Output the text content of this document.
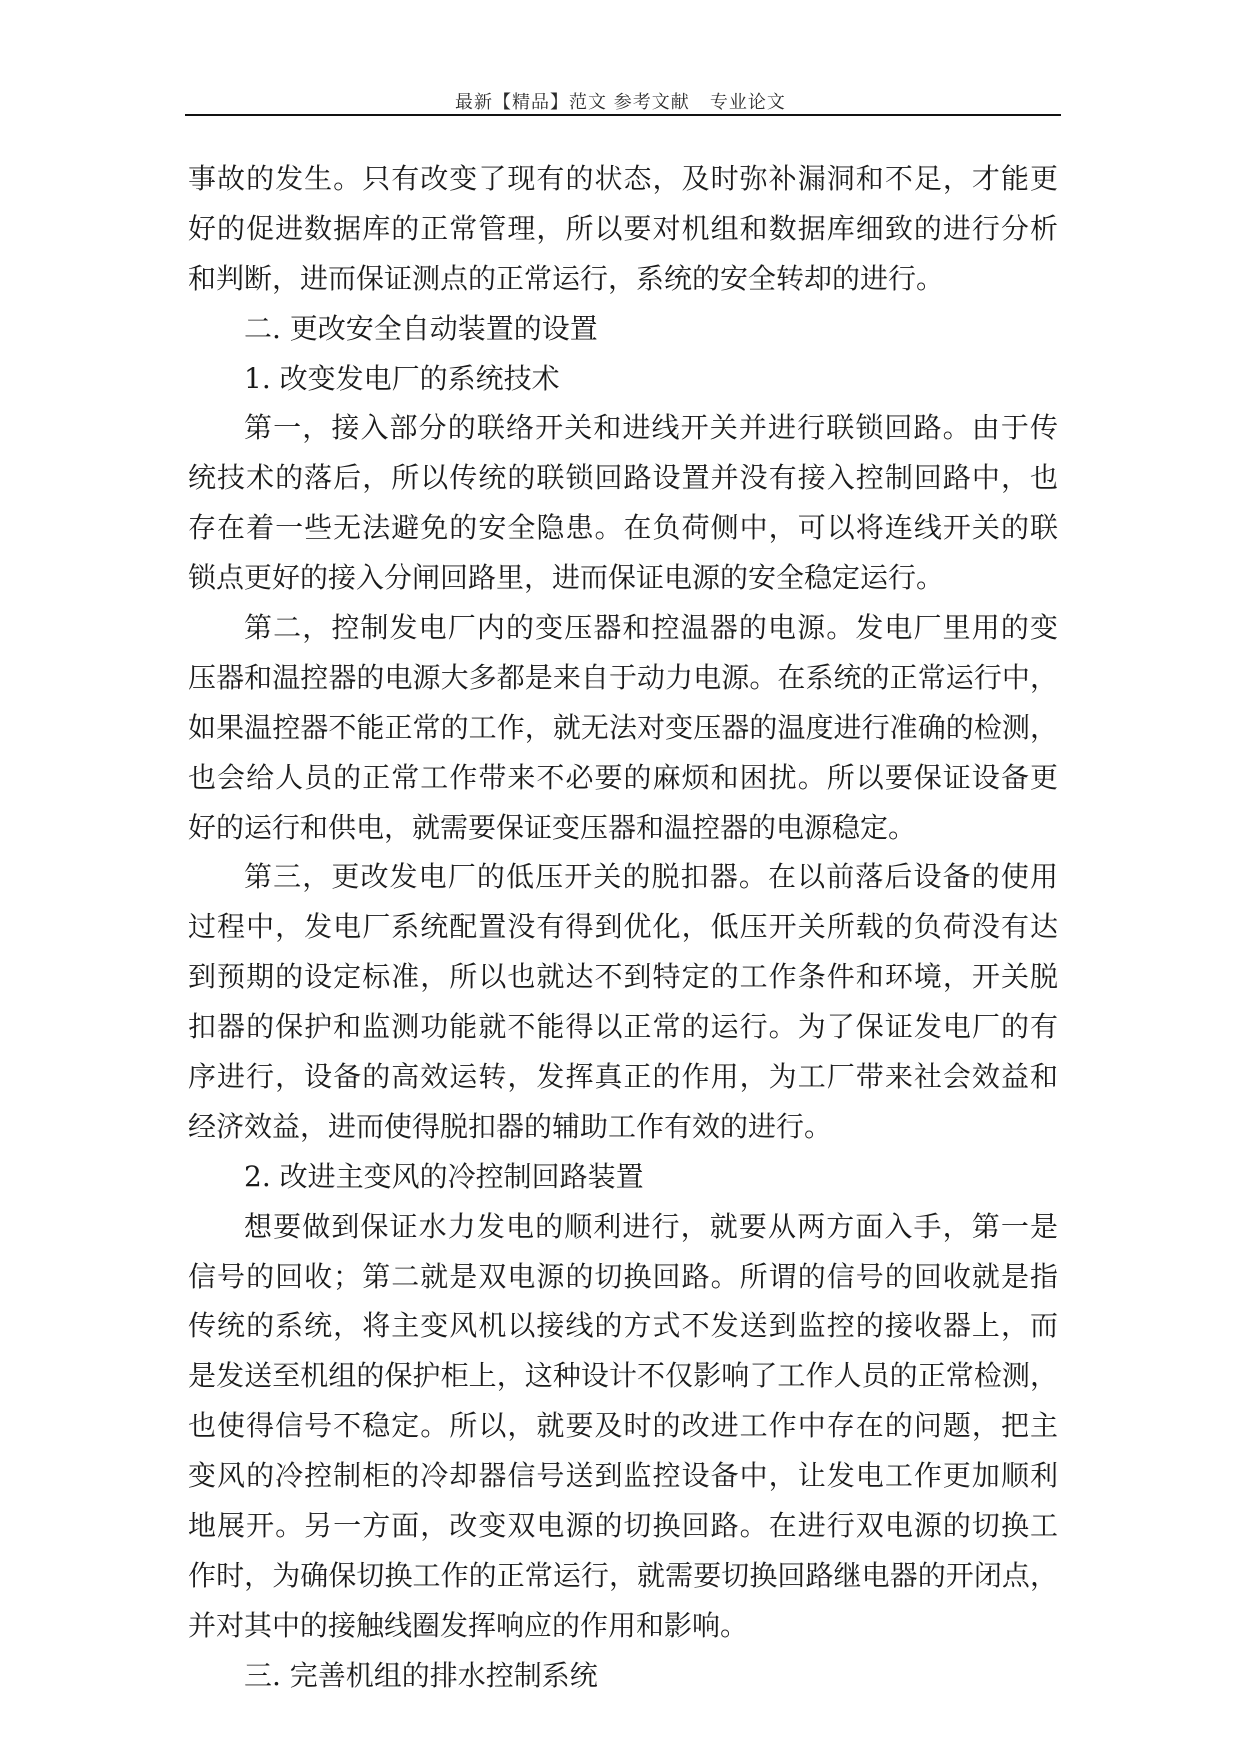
最新【精品】范文 参考文献   专业论文
事故的发生。只有改变了现有的状态，及时弥补漏洞和不足，才能更
好的促进数据库的正常管理，所以要对机组和数据库细致的进行分析
和判断，进而保证测点的正常运行，系统的安全转却的进行。
二. 更改安全自动装置的设置
1. 改变发电厂的系统技术
第一，接入部分的联络开关和进线开关并进行联锁回路。由于传
统技术的落后，所以传统的联锁回路设置并没有接入控制回路中，也
存在着一些无法避免的安全隐患。在负荷侧中，可以将连线开关的联
锁点更好的接入分闸回路里，进而保证电源的安全稳定运行。
第二，控制发电厂内的变压器和控温器的电源。发电厂里用的变
压器和温控器的电源大多都是来自于动力电源。在系统的正常运行中，
如果温控器不能正常的工作，就无法对变压器的温度进行准确的检测，
也会给人员的正常工作带来不必要的麻烦和困扰。所以要保证设备更
好的运行和供电，就需要保证变压器和温控器的电源稳定。
第三，更改发电厂的低压开关的脱扣器。在以前落后设备的使用
过程中，发电厂系统配置没有得到优化，低压开关所载的负荷没有达
到预期的设定标准，所以也就达不到特定的工作条件和环境，开关脱
扣器的保护和监测功能就不能得以正常的运行。为了保证发电厂的有
序进行，设备的高效运转，发挥真正的作用，为工厂带来社会效益和
经济效益，进而使得脱扣器的辅助工作有效的进行。
2. 改进主变风的冷控制回路装置
想要做到保证水力发电的顺利进行，就要从两方面入手，第一是
信号的回收；第二就是双电源的切换回路。所谓的信号的回收就是指
传统的系统，将主变风机以接线的方式不发送到监控的接收器上，而
是发送至机组的保护柜上，这种设计不仅影响了工作人员的正常检测，
也使得信号不稳定。所以，就要及时的改进工作中存在的问题，把主
变风的冷控制柜的冷却器信号送到监控设备中，让发电工作更加顺利
地展开。另一方面，改变双电源的切换回路。在进行双电源的切换工
作时，为确保切换工作的正常运行，就需要切换回路继电器的开闭点，
并对其中的接触线圈发挥响应的作用和影响。
三. 完善机组的排水控制系统
